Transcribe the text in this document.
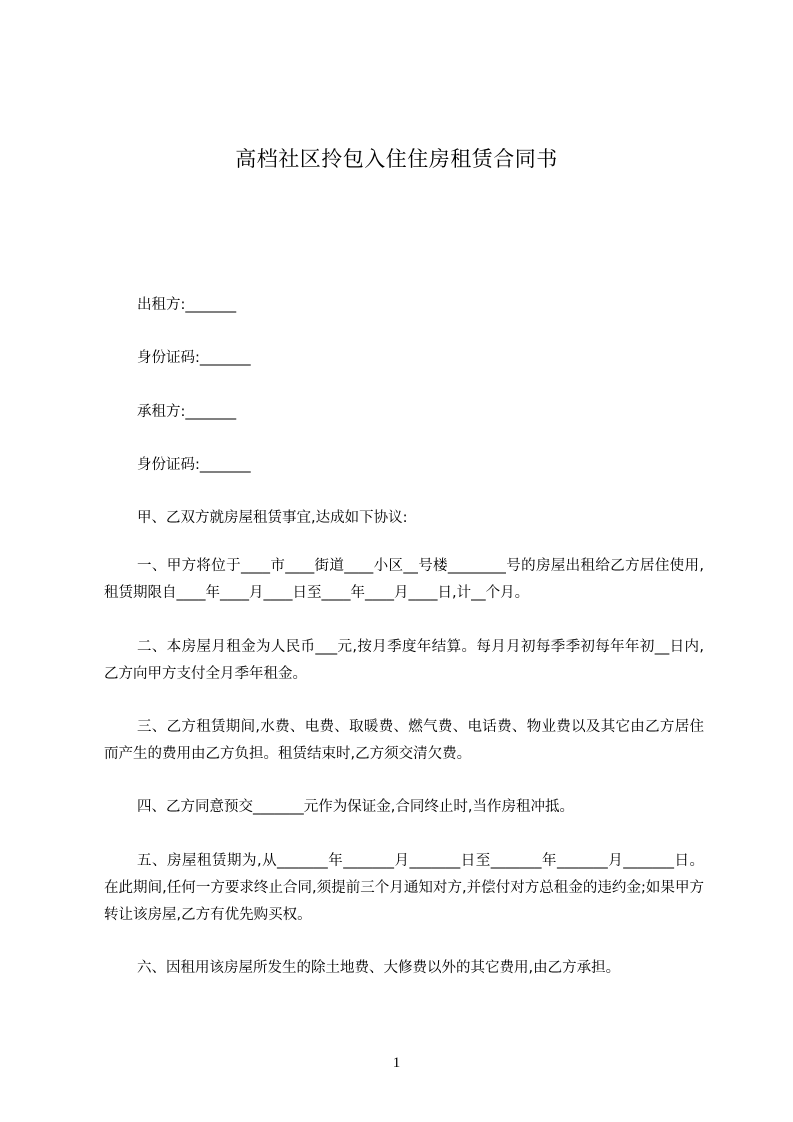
高档社区拎包入住住房租赁合同书
出租方:_______
身份证码:_______
承租方:_______
身份证码:_______
甲、乙双方就房屋租赁事宜,达成如下协议:
一、甲方将位于____市____街道____小区__号楼________号的房屋出租给乙方居住使用,租赁期限自____年____月____日至____年____月____日,计__个月。
二、本房屋月租金为人民币___元,按月季度年结算。每月月初每季季初每年年初__日内,乙方向甲方支付全月季年租金。
三、乙方租赁期间,水费、电费、取暖费、燃气费、电话费、物业费以及其它由乙方居住而产生的费用由乙方负担。租赁结束时,乙方须交清欠费。
四、乙方同意预交_______元作为保证金,合同终止时,当作房租冲抵。
五、房屋租赁期为,从_______年_______月_______日至_______年_______月_______日。在此期间,任何一方要求终止合同,须提前三个月通知对方,并偿付对方总租金的违约金;如果甲方转让该房屋,乙方有优先购买权。
六、因租用该房屋所发生的除土地费、大修费以外的其它费用,由乙方承担。
1
